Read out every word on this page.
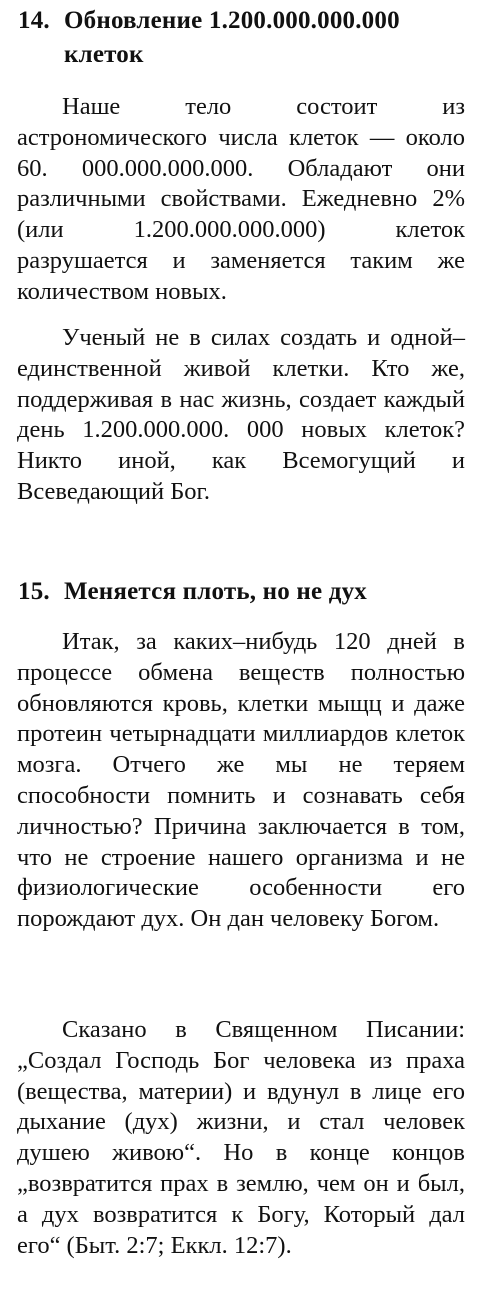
14. Обновление 1.200.000.000.000 клеток

Наше тело состоит из астрономического числа клеток — около 60. 000.000.000.000. Обладают они различными свойствами. Ежедневно 2% (или 1.200.000.000.000) клеток разрушается и заменяется таким же количеством новых.

Ученый не в силах создать и одной–единственной живой клетки. Кто же, поддерживая в нас жизнь, создает каждый день 1.200.000.000. 000 новых клеток? Никто иной, как Всемогущий и Всеведающий Бог.

15. Меняется плоть, но не дух

Итак, за каких–нибудь 120 дней в процессе обмена веществ полностью обновляются кровь, клетки мыщц и даже протеин четырнадцати миллиардов клеток мозга. Отчего же мы не теряем способности помнить и сознавать себя личностью? Причина заключается в том, что не строение нашего организма и не физиологические особенности его порождают дух. Он дан человеку Богом.

Сказано в Священном Писании: „Создал Господь Бог человека из праха (вещества, материи) и вдунул в лице его дыхание (дух) жизни, и стал человек душею живою“. Но в конце концов „возвратится прах в землю, чем он и был, а дух возвратится к Богу, Который дал его“ (Быт. 2:7; Еккл. 12:7).
